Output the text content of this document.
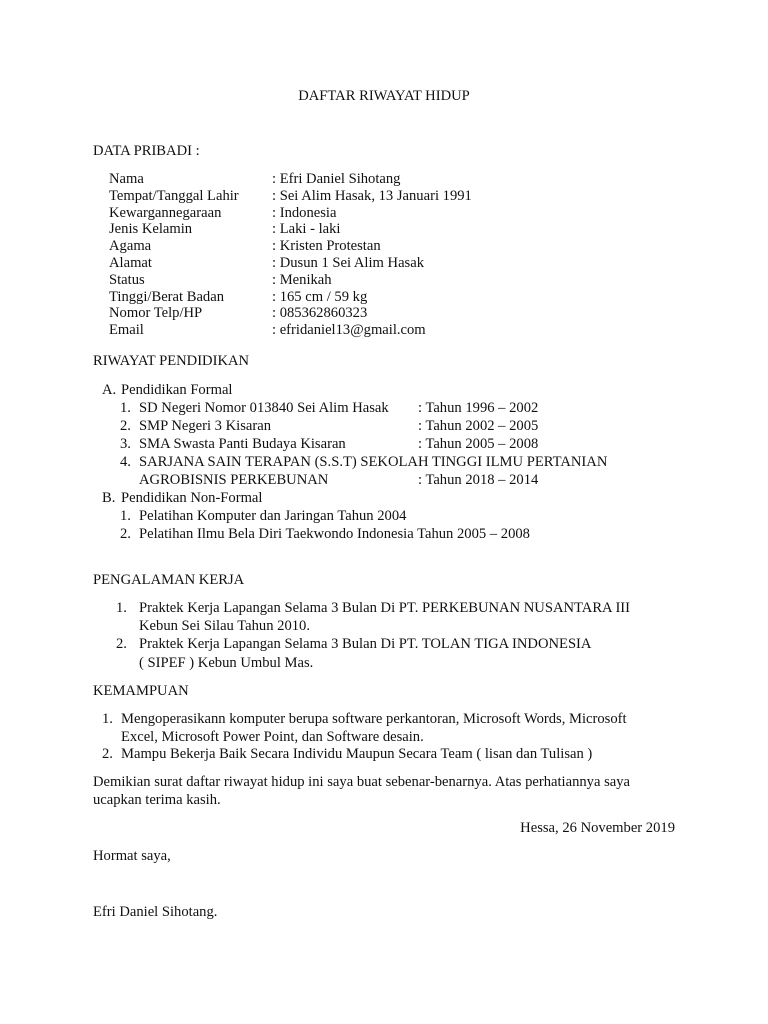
DAFTAR RIWAYAT HIDUP
DATA PRIBADI :
Nama	: Efri Daniel Sihotang
Tempat/Tanggal Lahir : Sei Alim Hasak, 13 Januari 1991
Kewargannegaraan	: Indonesia
Jenis Kelamin	: Laki - laki
Agama	: Kristen Protestan
Alamat	: Dusun 1 Sei Alim Hasak
Status	: Menikah
Tinggi/Berat Badan	: 165 cm / 59 kg
Nomor Telp/HP	: 085362860323
Email	: efridaniel13@gmail.com
RIWAYAT PENDIDIKAN
A. Pendidikan Formal
1. SD Negeri Nomor 013840 Sei Alim Hasak : Tahun 1996 – 2002
2. SMP Negeri 3 Kisaran	: Tahun 2002 – 2005
3. SMA Swasta Panti Budaya Kisaran	: Tahun 2005 – 2008
4. SARJANA SAIN TERAPAN (S.S.T) SEKOLAH TINGGI ILMU PERTANIAN
AGROBISNIS PERKEBUNAN	: Tahun 2018 – 2014
B. Pendidikan Non-Formal
1. Pelatihan Komputer dan Jaringan Tahun 2004
2. Pelatihan Ilmu Bela Diri Taekwondo Indonesia Tahun 2005 – 2008
PENGALAMAN KERJA
1. Praktek Kerja Lapangan Selama 3 Bulan Di PT. PERKEBUNAN NUSANTARA III
Kebun Sei Silau Tahun 2010.
2. Praktek Kerja Lapangan Selama 3 Bulan Di PT. TOLAN TIGA INDONESIA
( SIPEF ) Kebun Umbul Mas.
KEMAMPUAN
1. Mengoperasikann komputer berupa software perkantoran, Microsoft Words, Microsoft
Excel, Microsoft Power Point, dan Software desain.
2. Mampu Bekerja Baik Secara Individu Maupun Secara Team ( lisan dan Tulisan )
Demikian surat daftar riwayat hidup ini saya buat sebenar-benarnya. Atas perhatiannya saya
ucapkan terima kasih.
Hessa, 26 November 2019
Hormat saya,
Efri Daniel Sihotang.
